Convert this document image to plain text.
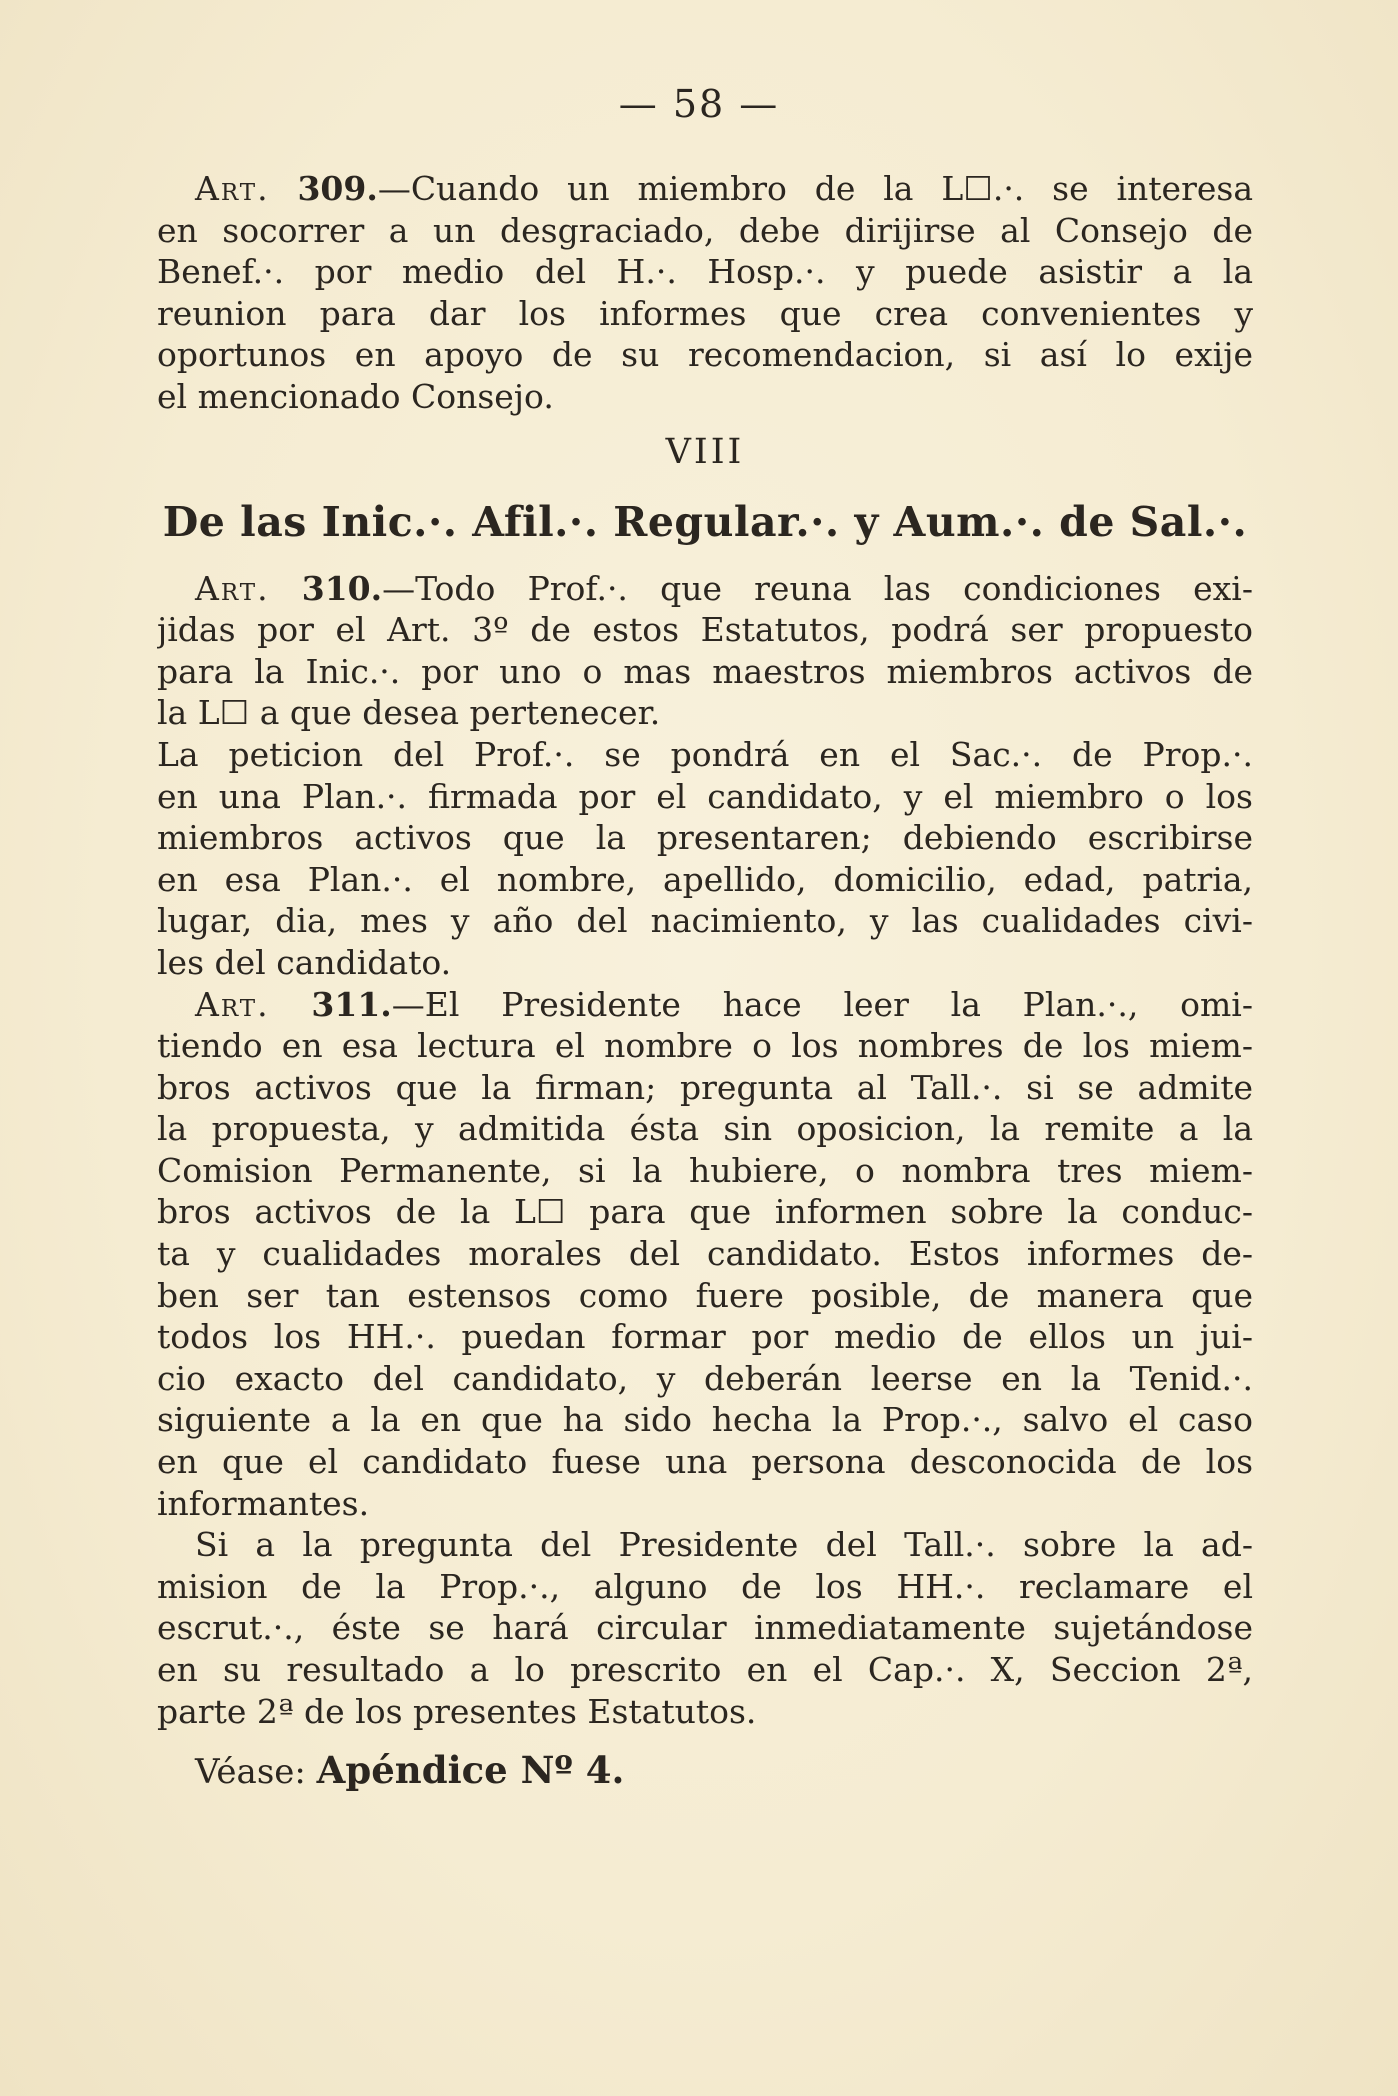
— 58 —
Art. 309.—Cuando un miembro de la L☐.·. se interesa
en socorrer a un desgraciado, debe dirijirse al Consejo de
Benef.·. por medio del H.·. Hosp.·. y puede asistir a la
reunion para dar los informes que crea convenientes y
oportunos en apoyo de su recomendacion, si así lo exije
el mencionado Consejo.
VIII
De las Inic.·. Afil.·. Regular.·. y Aum.·. de Sal.·.
Art. 310.—Todo Prof.·. que reuna las condiciones exi-
jidas por el Art. 3º de estos Estatutos, podrá ser propuesto
para la Inic.·. por uno o mas maestros miembros activos de
la L☐ a que desea pertenecer.
La peticion del Prof.·. se pondrá en el Sac.·. de Prop.·.
en una Plan.·. firmada por el candidato, y el miembro o los
miembros activos que la presentaren; debiendo escribirse
en esa Plan.·. el nombre, apellido, domicilio, edad, patria,
lugar, dia, mes y año del nacimiento, y las cualidades civi-
les del candidato.
Art. 311.—El Presidente hace leer la Plan.·., omi-
tiendo en esa lectura el nombre o los nombres de los miem-
bros activos que la firman; pregunta al Tall.·. si se admite
la propuesta, y admitida ésta sin oposicion, la remite a la
Comision Permanente, si la hubiere, o nombra tres miem-
bros activos de la L☐ para que informen sobre la conduc-
ta y cualidades morales del candidato. Estos informes de-
ben ser tan estensos como fuere posible, de manera que
todos los HH.·. puedan formar por medio de ellos un jui-
cio exacto del candidato, y deberán leerse en la Tenid.·.
siguiente a la en que ha sido hecha la Prop.·., salvo el caso
en que el candidato fuese una persona desconocida de los
informantes.
Si a la pregunta del Presidente del Tall.·. sobre la ad-
mision de la Prop.·., alguno de los HH.·. reclamare el
escrut.·., éste se hará circular inmediatamente sujetándose
en su resultado a lo prescrito en el Cap.·. X, Seccion 2ª,
parte 2ª de los presentes Estatutos.
Véase: Apéndice Nº 4.
